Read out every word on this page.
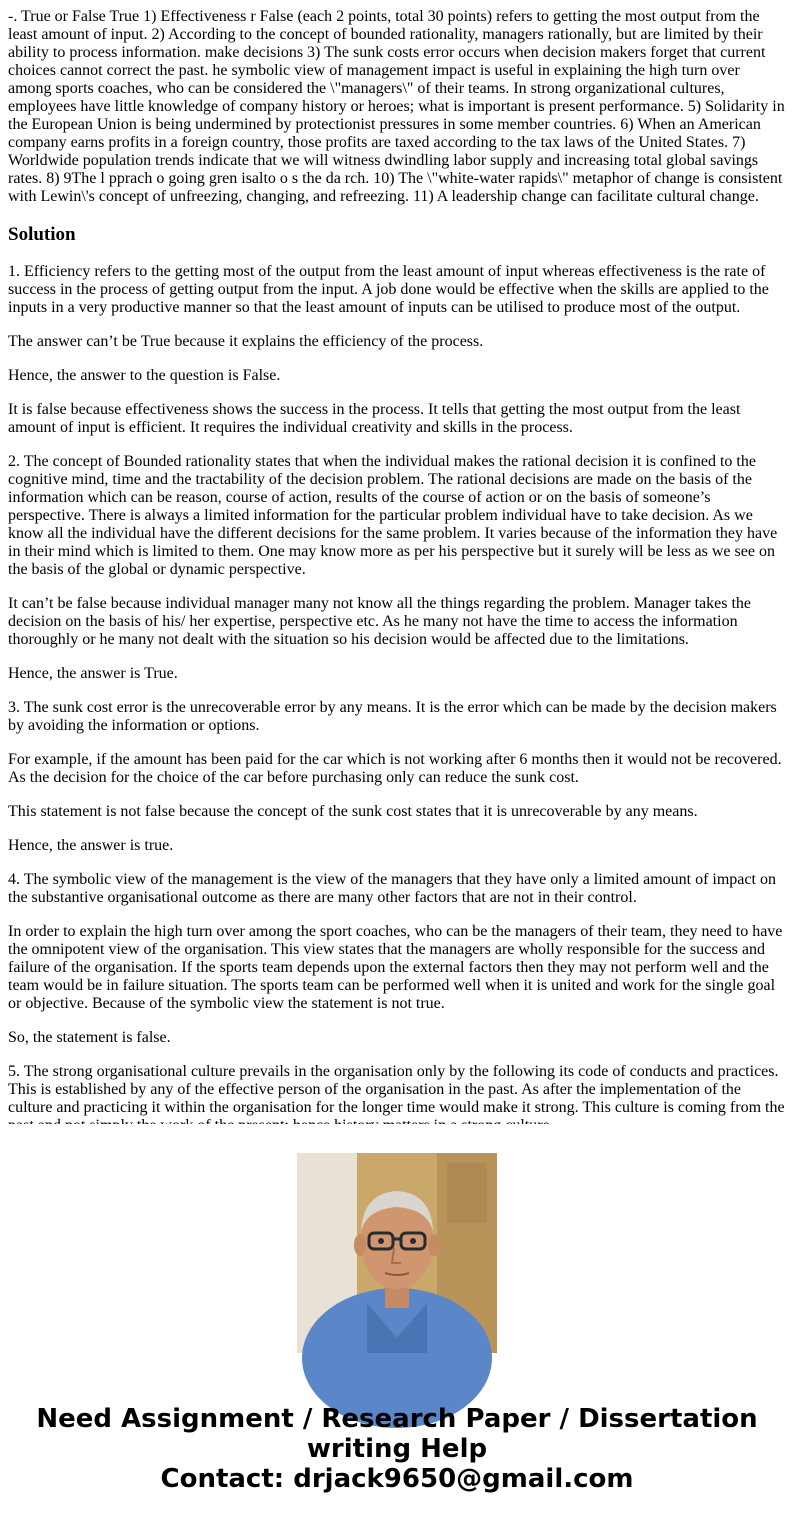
-. True or False True 1) Effectiveness r False (each 2 points, total 30 points) refers to getting the most output from the least amount of input. 2) According to the concept of bounded rationality, managers rationally, but are limited by their ability to process information. make decisions 3) The sunk costs error occurs when decision makers forget that current choices cannot correct the past. he symbolic view of management impact is useful in explaining the high turn over among sports coaches, who can be considered the \"managers\" of their teams. In strong organizational cultures, employees have little knowledge of company history or heroes; what is important is present performance. 5) Solidarity in the European Union is being undermined by protectionist pressures in some member countries. 6) When an American company earns profits in a foreign country, those profits are taxed according to the tax laws of the United States. 7) Worldwide population trends indicate that we will witness dwindling labor supply and increasing total global savings rates. 8) 9The l pprach o going gren isalto o s the da rch. 10) The \"white-water rapids\" metaphor of change is consistent with Lewin\'s concept of unfreezing, changing, and refreezing. 11) A leadership change can facilitate cultural change.

Solution

1. Efficiency refers to the getting most of the output from the least amount of input whereas effectiveness is the rate of success in the process of getting output from the input. A job done would be effective when the skills are applied to the inputs in a very productive manner so that the least amount of inputs can be utilised to produce most of the output.

The answer can’t be True because it explains the efficiency of the process.

Hence, the answer to the question is False.

It is false because effectiveness shows the success in the process. It tells that getting the most output from the least amount of input is efficient. It requires the individual creativity and skills in the process.

2. The concept of Bounded rationality states that when the individual makes the rational decision it is confined to the cognitive mind, time and the tractability of the decision problem. The rational decisions are made on the basis of the information which can be reason, course of action, results of the course of action or on the basis of someone’s perspective. There is always a limited information for the particular problem individual have to take decision. As we know all the individual have the different decisions for the same problem. It varies because of the information they have in their mind which is limited to them. One may know more as per his perspective but it surely will be less as we see on the basis of the global or dynamic perspective.

It can’t be false because individual manager many not know all the things regarding the problem. Manager takes the decision on the basis of his/ her expertise, perspective etc. As he many not have the time to access the information thoroughly or he many not dealt with the situation so his decision would be affected due to the limitations.

Hence, the answer is True.

3. The sunk cost error is the unrecoverable error by any means. It is the error which can be made by the decision makers by avoiding the information or options.

For example, if the amount has been paid for the car which is not working after 6 months then it would not be recovered. As the decision for the choice of the car before purchasing only can reduce the sunk cost.

This statement is not false because the concept of the sunk cost states that it is unrecoverable by any means.

Hence, the answer is true.

4. The symbolic view of the management is the view of the managers that they have only a limited amount of impact on the substantive organisational outcome as there are many other factors that are not in their control.

In order to explain the high turn over among the sport coaches, who can be the managers of their team, they need to have the omnipotent view of the organisation. This view states that the managers are wholly responsible for the success and failure of the organisation. If the sports team depends upon the external factors then they may not perform well and the team would be in failure situation. The sports team can be performed well when it is united and work for the single goal or objective. Because of the symbolic view the statement is not true.

So, the statement is false.

5. The strong organisational culture prevails in the organisation only by the following its code of conducts and practices. This is established by any of the effective person of the organisation in the past. As after the implementation of the culture and practicing it within the organisation for the longer time would make it strong. This culture is coming from the

Need Assignment / Research Paper / Dissertation
writing Help
Contact: drjack9650@gmail.com
